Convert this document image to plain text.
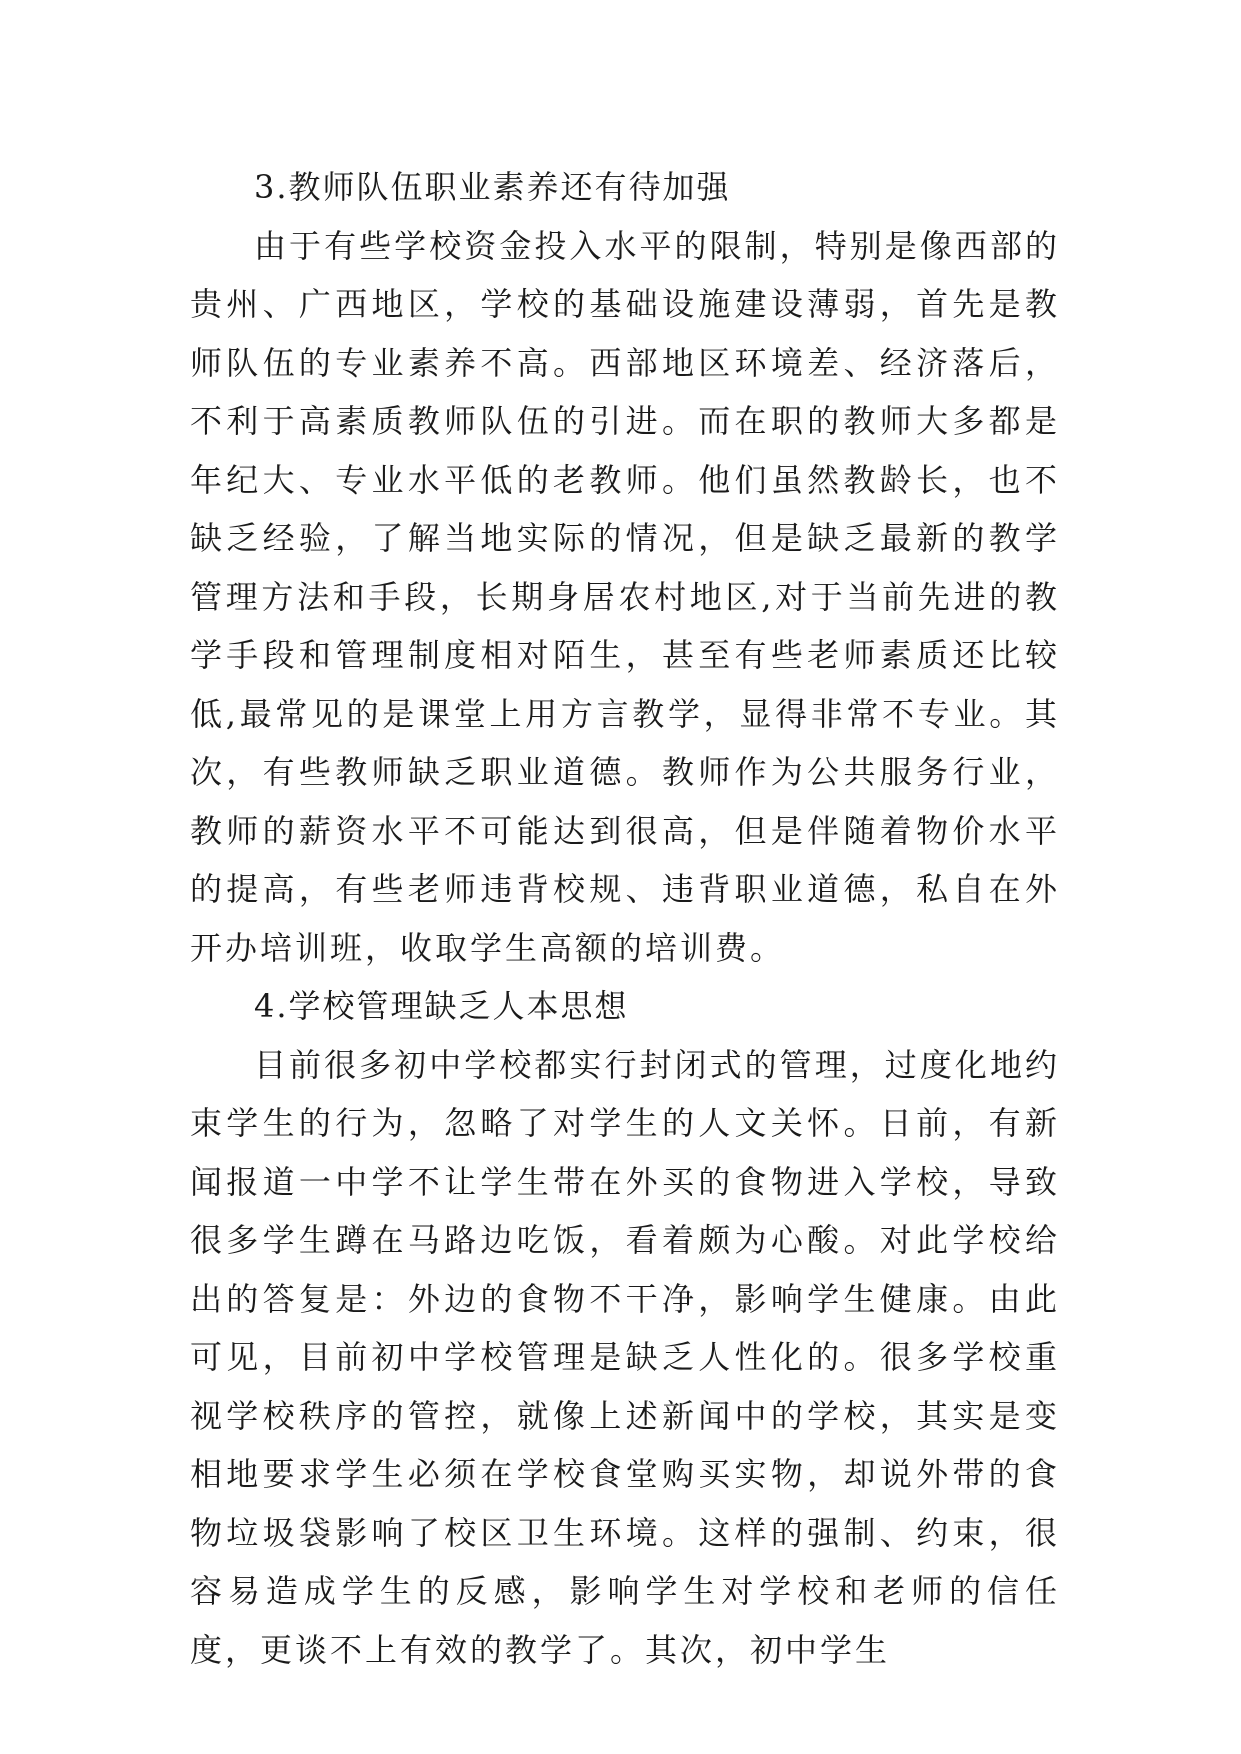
3.教师队伍职业素养还有待加强

由于有些学校资金投入水平的限制，特别是像西部的贵州、广西地区，学校的基础设施建设薄弱，首先是教师队伍的专业素养不高。西部地区环境差、经济落后，不利于高素质教师队伍的引进。而在职的教师大多都是年纪大、专业水平低的老教师。他们虽然教龄长，也不缺乏经验，了解当地实际的情况，但是缺乏最新的教学管理方法和手段，长期身居农村地区,对于当前先进的教学手段和管理制度相对陌生，甚至有些老师素质还比较低,最常见的是课堂上用方言教学，显得非常不专业。其次，有些教师缺乏职业道德。教师作为公共服务行业，教师的薪资水平不可能达到很高，但是伴随着物价水平的提高，有些老师违背校规、违背职业道德，私自在外开办培训班，收取学生高额的培训费。

4.学校管理缺乏人本思想

目前很多初中学校都实行封闭式的管理，过度化地约束学生的行为，忽略了对学生的人文关怀。日前，有新闻报道一中学不让学生带在外买的食物进入学校，导致很多学生蹲在马路边吃饭，看着颇为心酸。对此学校给出的答复是：外边的食物不干净，影响学生健康。由此可见，目前初中学校管理是缺乏人性化的。很多学校重视学校秩序的管控，就像上述新闻中的学校，其实是变相地要求学生必须在学校食堂购买实物，却说外带的食物垃圾袋影响了校区卫生环境。这样的强制、约束，很容易造成学生的反感，影响学生对学校和老师的信任度，更谈不上有效的教学了。其次，初中学生
